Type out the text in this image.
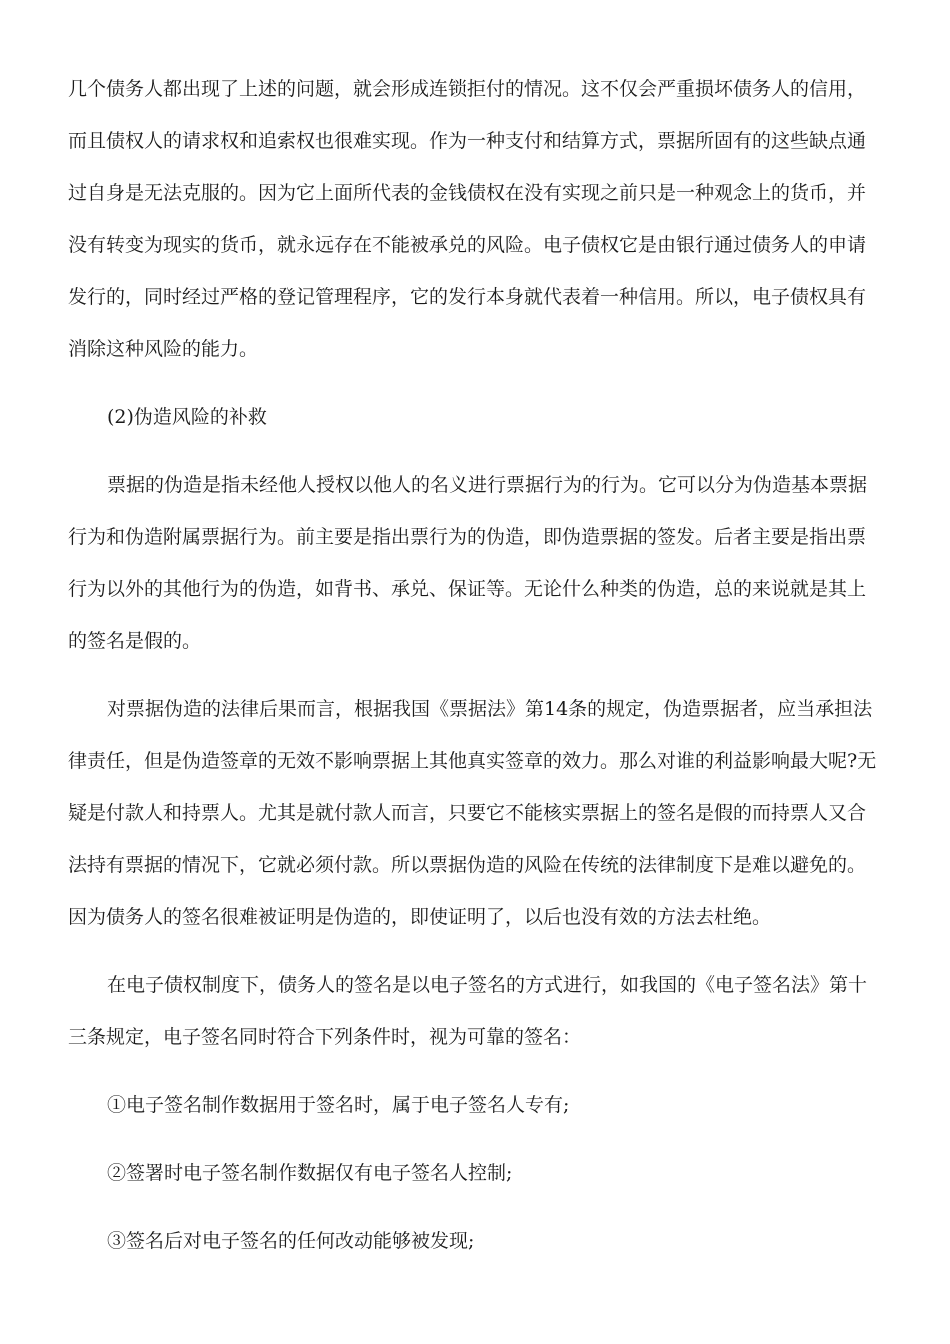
几个债务人都出现了上述的问题，就会形成连锁拒付的情况。这不仅会严重损坏债务人的信用，
而且债权人的请求权和追索权也很难实现。作为一种支付和结算方式，票据所固有的这些缺点通
过自身是无法克服的。因为它上面所代表的金钱债权在没有实现之前只是一种观念上的货币，并
没有转变为现实的货币，就永远存在不能被承兑的风险。电子债权它是由银行通过债务人的申请
发行的，同时经过严格的登记管理程序，它的发行本身就代表着一种信用。所以，电子债权具有
消除这种风险的能力。
(2)伪造风险的补救
票据的伪造是指未经他人授权以他人的名义进行票据行为的行为。它可以分为伪造基本票据
行为和伪造附属票据行为。前主要是指出票行为的伪造，即伪造票据的签发。后者主要是指出票
行为以外的其他行为的伪造，如背书、承兑、保证等。无论什么种类的伪造，总的来说就是其上
的签名是假的。
对票据伪造的法律后果而言，根据我国《票据法》第14条的规定，伪造票据者，应当承担法
律责任，但是伪造签章的无效不影响票据上其他真实签章的效力。那么对谁的利益影响最大呢?无
疑是付款人和持票人。尤其是就付款人而言，只要它不能核实票据上的签名是假的而持票人又合
法持有票据的情况下，它就必须付款。所以票据伪造的风险在传统的法律制度下是难以避免的。
因为债务人的签名很难被证明是伪造的，即使证明了，以后也没有效的方法去杜绝。
在电子债权制度下，债务人的签名是以电子签名的方式进行，如我国的《电子签名法》第十
三条规定，电子签名同时符合下列条件时，视为可靠的签名：
①电子签名制作数据用于签名时，属于电子签名人专有;
②签署时电子签名制作数据仅有电子签名人控制;
③签名后对电子签名的任何改动能够被发现;
